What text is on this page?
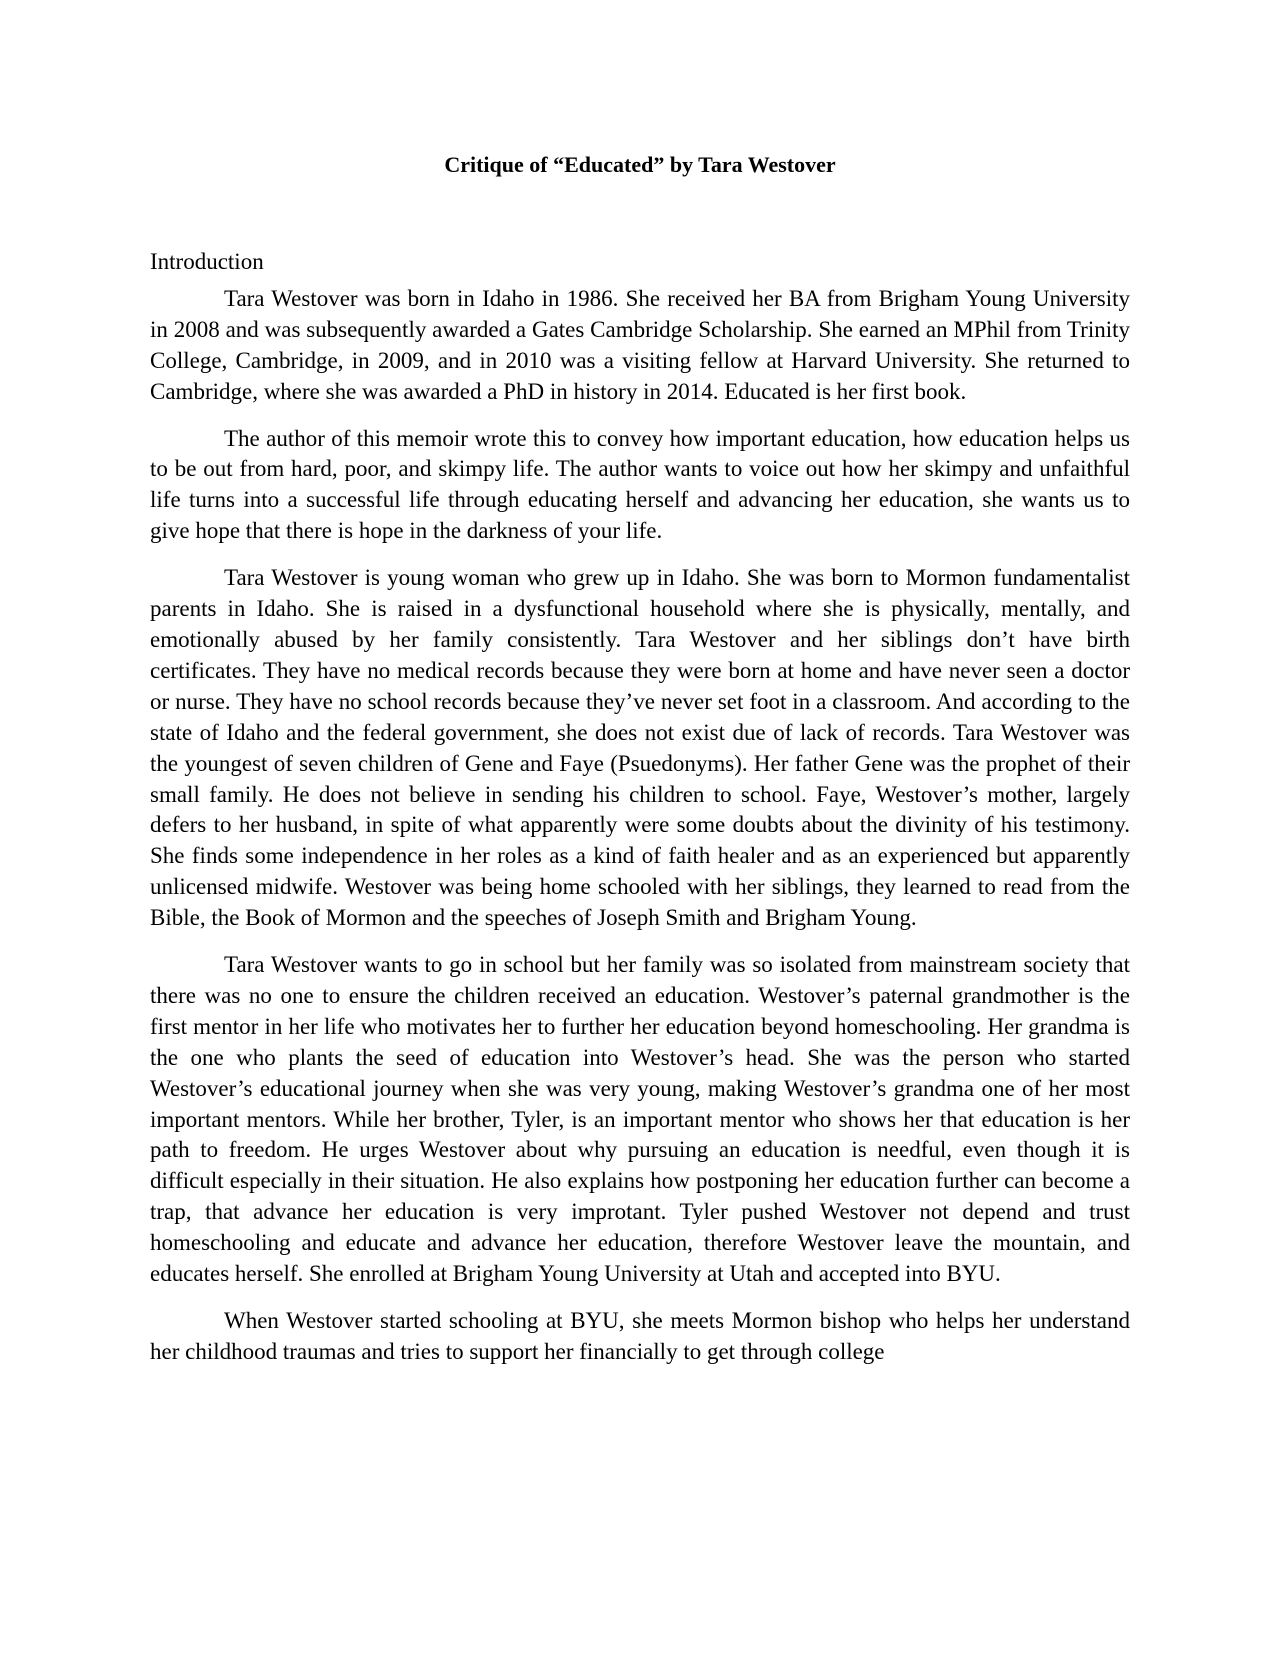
Critique of “Educated” by Tara Westover
Introduction

Tara Westover was born in Idaho in 1986. She received her BA from Brigham Young University in 2008 and was subsequently awarded a Gates Cambridge Scholarship. She earned an MPhil from Trinity College, Cambridge, in 2009, and in 2010 was a visiting fellow at Harvard University. She returned to Cambridge, where she was awarded a PhD in history in 2014. Educated is her first book.

The author of this memoir wrote this to convey how important education, how education helps us to be out from hard, poor, and skimpy life. The author wants to voice out how her skimpy and unfaithful life turns into a successful life through educating herself and advancing her education, she wants us to give hope that there is hope in the darkness of your life.

Tara Westover is young woman who grew up in Idaho. She was born to Mormon fundamentalist parents in Idaho. She is raised in a dysfunctional household where she is physically, mentally, and emotionally abused by her family consistently. Tara Westover and her siblings don’t have birth certificates. They have no medical records because they were born at home and have never seen a doctor or nurse. They have no school records because they’ve never set foot in a classroom. And according to the state of Idaho and the federal government, she does not exist due of lack of records. Tara Westover was the youngest of seven children of Gene and Faye (Psuedonyms). Her father Gene was the prophet of their small family. He does not believe in sending his children to school. Faye, Westover’s mother, largely defers to her husband, in spite of what apparently were some doubts about the divinity of his testimony. She finds some independence in her roles as a kind of faith healer and as an experienced but apparently unlicensed midwife. Westover was being home schooled with her siblings, they learned to read from the Bible, the Book of Mormon and the speeches of Joseph Smith and Brigham Young.

Tara Westover wants to go in school but her family was so isolated from mainstream society that there was no one to ensure the children received an education. Westover’s paternal grandmother is the first mentor in her life who motivates her to further her education beyond homeschooling. Her grandma is the one who plants the seed of education into Westover’s head. She was the person who started Westover’s educational journey when she was very young, making Westover’s grandma one of her most important mentors. While her brother, Tyler, is an important mentor who shows her that education is her path to freedom. He urges Westover about why pursuing an education is needful, even though it is difficult especially in their situation. He also explains how postponing her education further can become a trap, that advance her education is very improtant. Tyler pushed Westover not depend and trust homeschooling and educate and advance her education, therefore Westover leave the mountain, and educates herself. She enrolled at Brigham Young University at Utah and accepted into BYU.

When Westover started schooling at BYU, she meets Mormon bishop who helps her understand her childhood traumas and tries to support her financially to get through college
